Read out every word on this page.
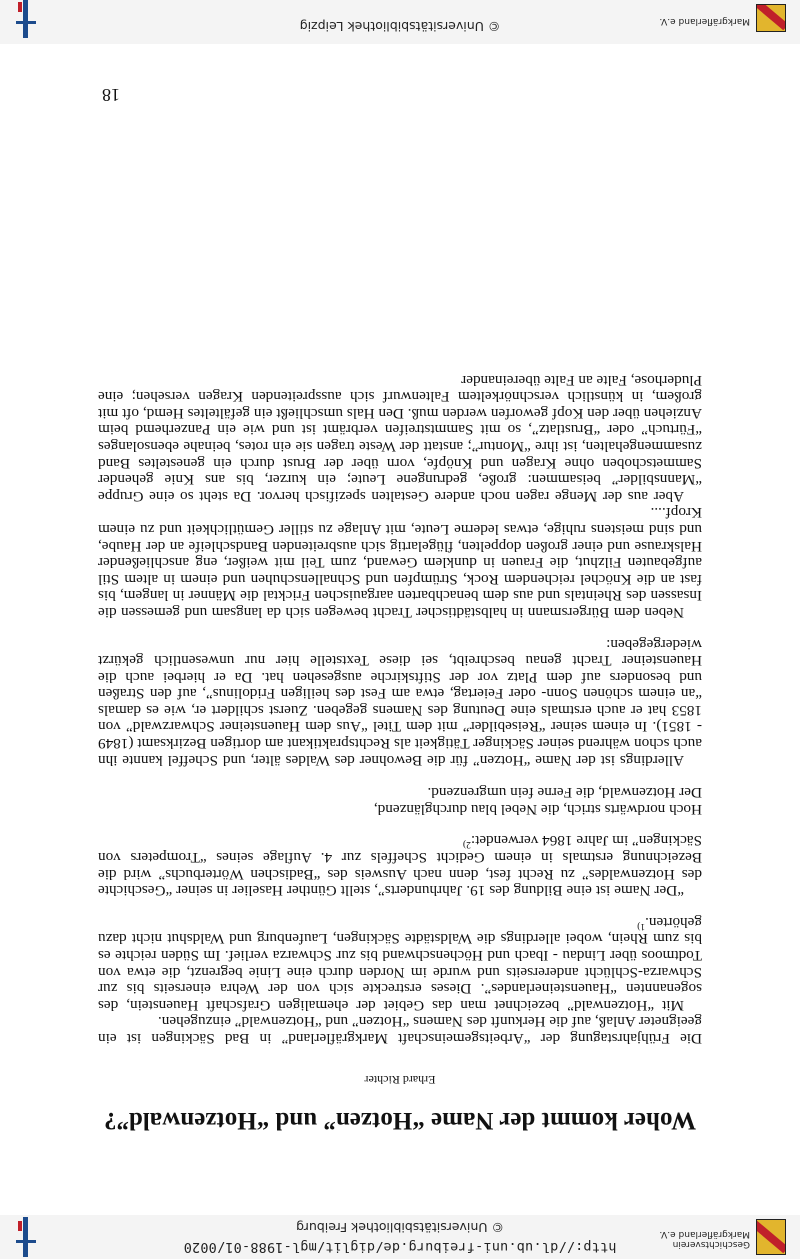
Geschichtsverein
Markgräflerland e.V.
http://dl.ub.uni-freiburg.de/diglit/mgl-1988-01/0020
© Universitätsbibliothek Freiburg
Woher kommt der Name “Hotzen” und “Hotzenwald”?
Erhard Richter

Die Frühjahrstagung der “Arbeitsgemeinschaft Markgräflerland” in Bad Säckingen ist ein geeigneter Anlaß, auf die Herkunft des Namens “Hotzen” und “Hotzenwald” einzugehen.

Mit “Hotzenwald” bezeichnet man das Gebiet der ehemaligen Grafschaft Hauenstein, des sogenannten “Hauensteinerlandes”. Dieses erstreckte sich von der Wehra einerseits bis zur Schwarza-Schlücht andererseits und wurde im Norden durch eine Linie begrenzt, die etwa von Todtmoos über Lindau - Ibach und Höchenschwand bis zur Schwarza verlief. Im Süden reichte es bis zum Rhein, wobei allerdings die Waldstädte Säckingen, Laufenburg und Waldshut nicht dazu gehörten.$^{1)}$

“Der Name ist eine Bildung des 19. Jahrhunderts”, stellt Günther Haselier in seiner “Geschichte des Hotzenwaldes” zu Recht fest, denn nach Ausweis des “Badischen Wörterbuchs” wird die Bezeichnung erstmals in einem Gedicht Scheffels zur 4. Auflage seines “Trompeters von Säckingen” im Jahre 1864 verwendet:$^{2)}$

Hoch nordwärts strich, die Nebel blau durchglänzend,
Der Hotzenwald, die Ferne fein umgrenzend.

Allerdings ist der Name “Hotzen” für die Bewohner des Waldes älter, und Scheffel kannte ihn auch schon während seiner Säckinger Tätigkeit als Rechtspraktikant am dortigen Bezirksamt (1849 - 1851). In einem seiner “Reisebilder” mit dem Titel “Aus dem Hauensteiner Schwarzwald” von 1853 hat er auch erstmals eine Deutung des Namens gegeben. Zuerst schildert er, wie es damals “an einem schönen Sonn- oder Feiertag, etwa am Fest des heiligen Fridolinus”, auf den Straßen und besonders auf dem Platz vor der Stiftskirche ausgesehen hat. Da er hierbei auch die Hauensteiner Tracht genau beschreibt, sei diese Textstelle hier nur unwesentlich gekürzt wiedergegeben:

Neben dem Bürgersmann in halbstädtischer Tracht bewegen sich da langsam und gemessen die Insassen des Rheintals und aus dem benachbarten aargauischen Fricktal die Männer in langem, bis fast an die Knöchel reichendem Rock, Strümpfen und Schnallenschuhen und einem in altem Stil aufgebauten Filzhut, die Frauen in dunklem Gewand, zum Teil mit weißer, eng anschließender Halskrause und einer großen doppelten, flügelartig sich ausbreitenden Bandschleife an der Haube, und sind meistens ruhige, etwas lederne Leute, mit Anlage zu stiller Gemütlichkeit und zu einem Kropf....

Aber aus der Menge ragen noch andere Gestalten spezifisch hervor. Da steht so eine Gruppe “Mannsbilder” beisammen: große, gedrungene Leute; ein kurzer, bis ans Knie gehender Sammetschoben ohne Kragen und Knöpfe, vorn über der Brust durch ein genesteltes Band zusammengehalten, ist ihre “Montur”; anstatt der Weste tragen sie ein rotes, beinahe ebensolanges “Fürtuch” oder “Brustlatz”, so mit Sammtstreifen verbrämt ist und wie ein Panzerhemd beim Anziehen über den Kopf geworfen werden muß. Den Hals umschließt ein gefälteltes Hemd, oft mit großem, in künstlich verschnörkeltem Faltenwurf sich ausspreitenden Kragen versehen; eine Pluderhose, Falte an Falte übereinander

18
Markgräflerland e.V.
© Universitätsbibliothek Leipzig
